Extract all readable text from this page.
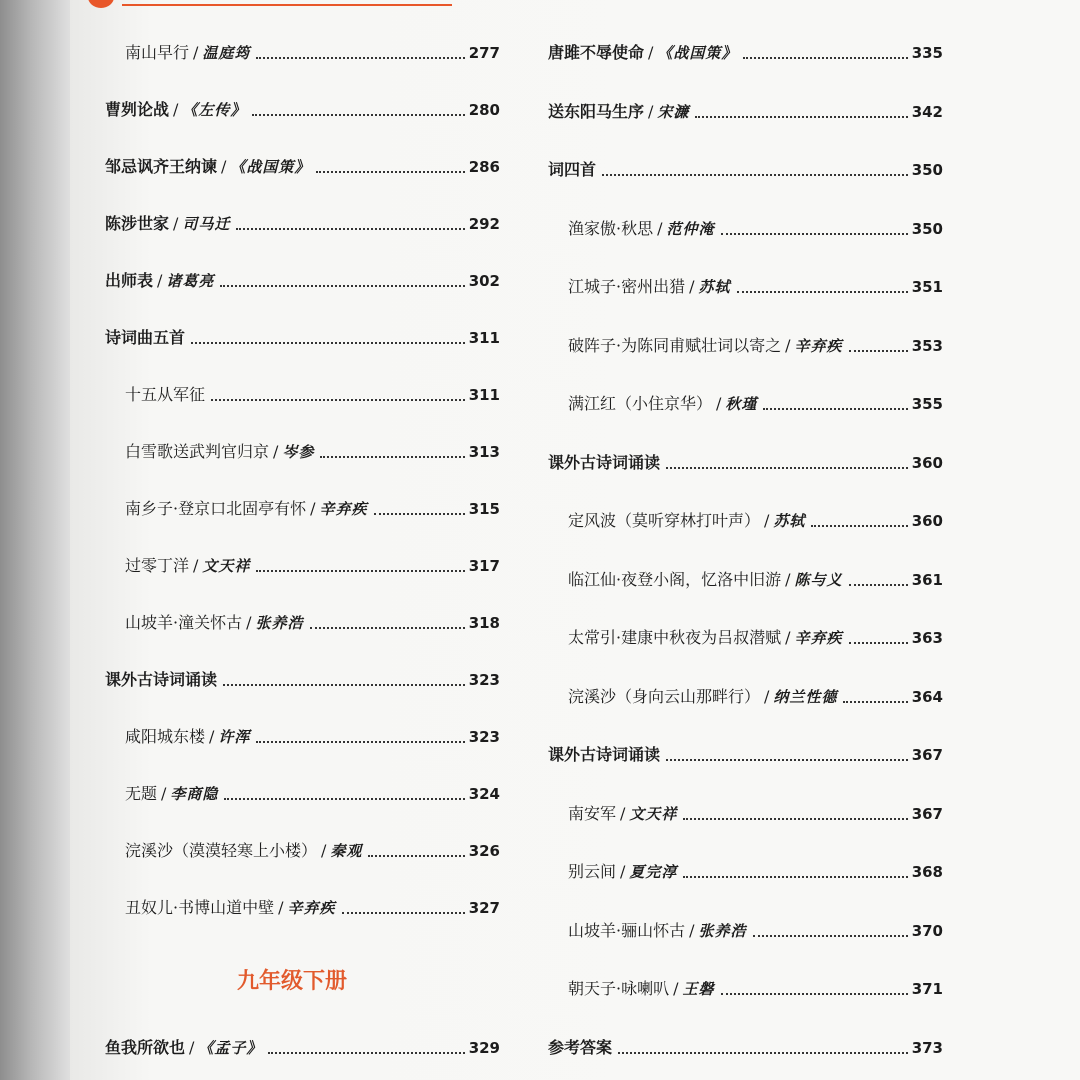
南山早行 / 温庭筠	277
曹刿论战 / 《左传》	280
邹忌讽齐王纳谏 / 《战国策》	286
陈涉世家 / 司马迁	292
出师表 / 诸葛亮	302
诗词曲五首	311
十五从军征	311
白雪歌送武判官归京 / 岑参	313
南乡子·登京口北固亭有怀 / 辛弃疾	315
过零丁洋 / 文天祥	317
山坡羊·潼关怀古 / 张养浩	318
课外古诗词诵读	323
咸阳城东楼 / 许浑	323
无题 / 李商隐	324
浣溪沙（漠漠轻寒上小楼） / 秦观	326
丑奴儿·书博山道中壁 / 辛弃疾	327
鱼我所欲也 / 《孟子》	329
唐雎不辱使命 / 《战国策》	335
送东阳马生序 / 宋濂	342
词四首	350
渔家傲·秋思 / 范仲淹	350
江城子·密州出猎 / 苏轼	351
破阵子·为陈同甫赋壮词以寄之 / 辛弃疾	353
满江红（小住京华） / 秋瑾	355
课外古诗词诵读	360
定风波（莫听穿林打叶声） / 苏轼	360
临江仙·夜登小阁，忆洛中旧游 / 陈与义	361
太常引·建康中秋夜为吕叔潜赋 / 辛弃疾	363
浣溪沙（身向云山那畔行） / 纳兰性德	364
课外古诗词诵读	367
南安军 / 文天祥	367
别云间 / 夏完淳	368
山坡羊·骊山怀古 / 张养浩	370
朝天子·咏喇叭 / 王磐	371
参考答案	373
九年级下册
